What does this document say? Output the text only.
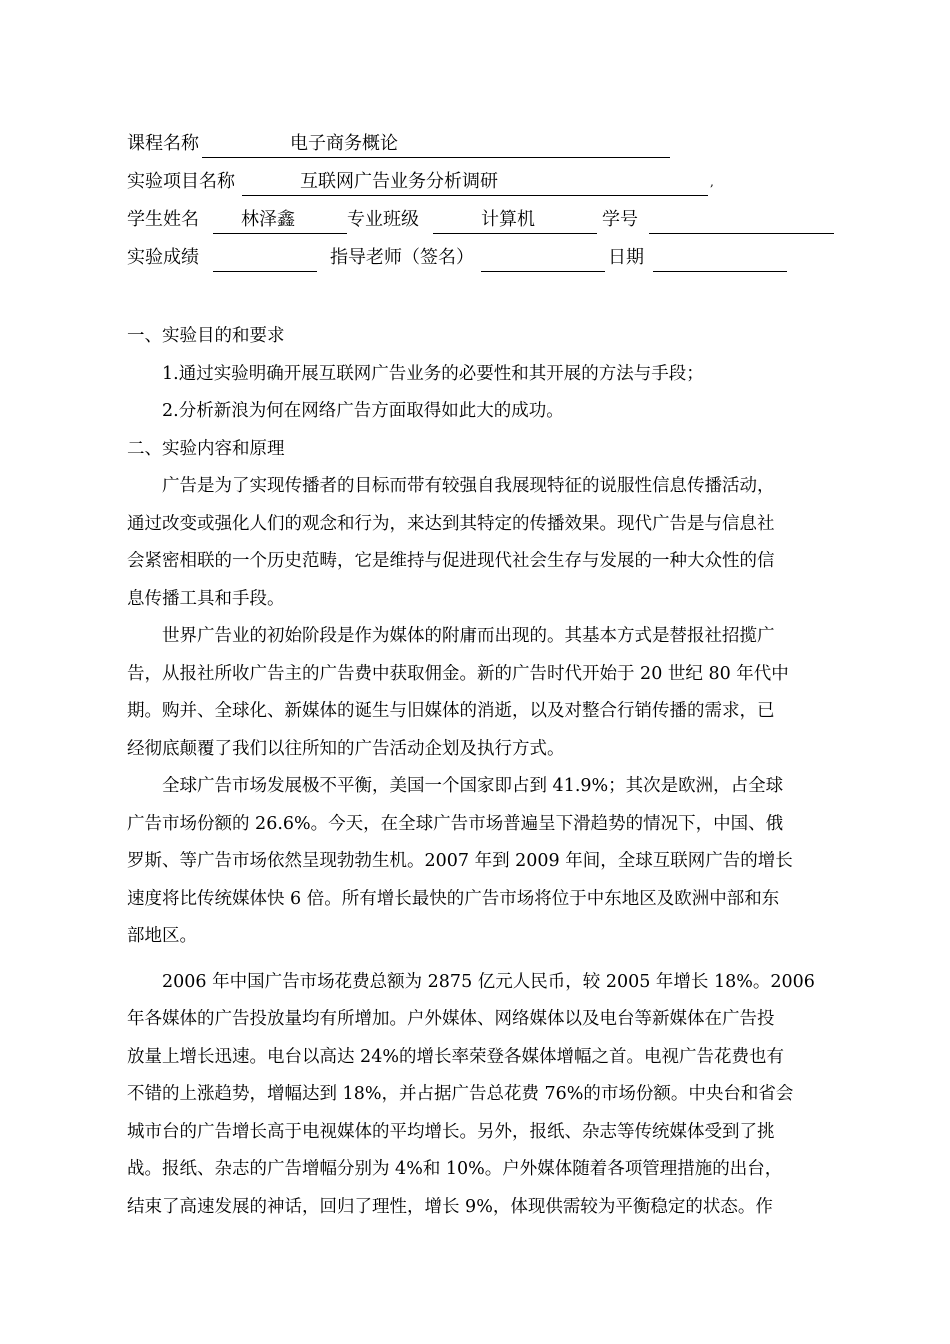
课程名称	电子商务概论
实验项目名称	互联网广告业务分析调研	,
学生姓名	林泽鑫	专业班级	计算机	学号
实验成绩	指导老师（签名）	日期

一、实验目的和要求

1.通过实验明确开展互联网广告业务的必要性和其开展的方法与手段；

2.分析新浪为何在网络广告方面取得如此大的成功。

二、实验内容和原理

广告是为了实现传播者的目标而带有较强自我展现特征的说服性信息传播活动，

通过改变或强化人们的观念和行为，来达到其特定的传播效果。现代广告是与信息社

会紧密相联的一个历史范畴，它是维持与促进现代社会生存与发展的一种大众性的信

息传播工具和手段。

世界广告业的初始阶段是作为媒体的附庸而出现的。其基本方式是替报社招揽广

告，从报社所收广告主的广告费中获取佣金。新的广告时代开始于 20 世纪 80 年代中

期。购并、全球化、新媒体的诞生与旧媒体的消逝，以及对整合行销传播的需求，已

经彻底颠覆了我们以往所知的广告活动企划及执行方式。

全球广告市场发展极不平衡，美国一个国家即占到 41.9%；其次是欧洲，占全球

广告市场份额的 26.6%。今天，在全球广告市场普遍呈下滑趋势的情况下，中国、俄

罗斯、等广告市场依然呈现勃勃生机。2007 年到 2009 年间，全球互联网广告的增长

速度将比传统媒体快 6 倍。所有增长最快的广告市场将位于中东地区及欧洲中部和东

部地区。

2006 年中国广告市场花费总额为 2875 亿元人民币，较 2005 年增长 18%。2006

年各媒体的广告投放量均有所增加。户外媒体、网络媒体以及电台等新媒体在广告投

放量上增长迅速。电台以高达 24%的增长率荣登各媒体增幅之首。电视广告花费也有

不错的上涨趋势，增幅达到 18%，并占据广告总花费 76%的市场份额。中央台和省会

城市台的广告增长高于电视媒体的平均增长。另外，报纸、杂志等传统媒体受到了挑

战。报纸、杂志的广告增幅分别为 4%和 10%。户外媒体随着各项管理措施的出台，

结束了高速发展的神话，回归了理性，增长 9%，体现供需较为平衡稳定的状态。作
